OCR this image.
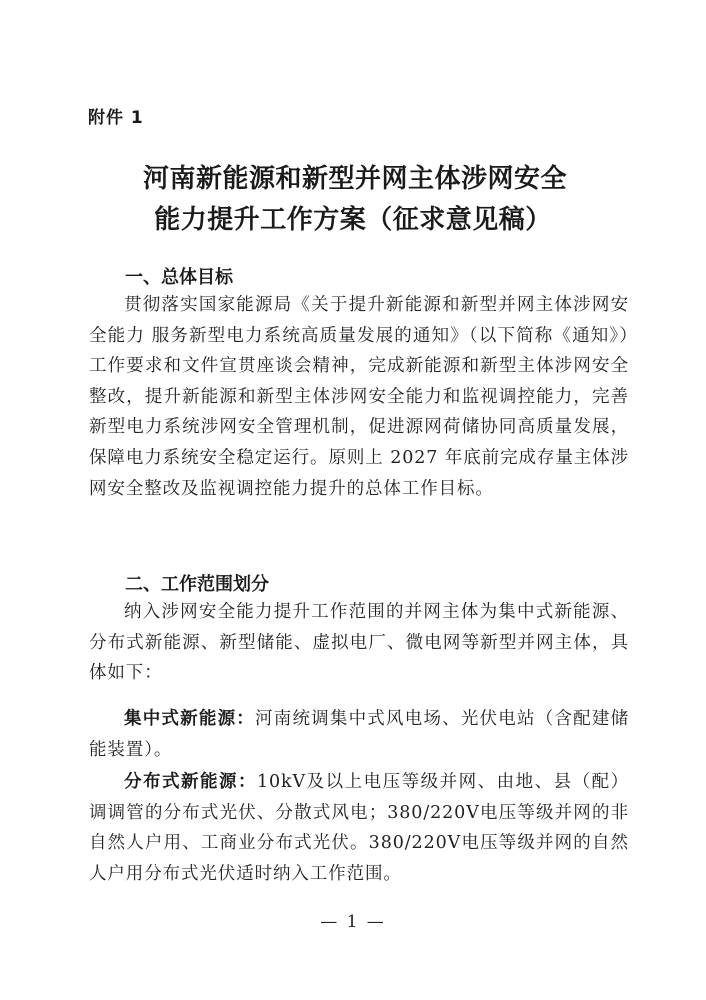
附件 1
河南新能源和新型并网主体涉网安全
能力提升工作方案（征求意见稿）
一、总体目标
贯彻落实国家能源局《关于提升新能源和新型并网主体涉网安全能力 服务新型电力系统高质量发展的通知》（以下简称《通知》）工作要求和文件宣贯座谈会精神，完成新能源和新型主体涉网安全整改，提升新能源和新型主体涉网安全能力和监视调控能力，完善新型电力系统涉网安全管理机制，促进源网荷储协同高质量发展，保障电力系统安全稳定运行。原则上 2027 年底前完成存量主体涉网安全整改及监视调控能力提升的总体工作目标。
二、工作范围划分
纳入涉网安全能力提升工作范围的并网主体为集中式新能源、分布式新能源、新型储能、虚拟电厂、微电网等新型并网主体，具体如下：
集中式新能源：河南统调集中式风电场、光伏电站（含配建储能装置）。
分布式新能源：10kV及以上电压等级并网、由地、县（配）调调管的分布式光伏、分散式风电；380/220V电压等级并网的非自然人户用、工商业分布式光伏。380/220V电压等级并网的自然人户用分布式光伏适时纳入工作范围。
— 1 —
